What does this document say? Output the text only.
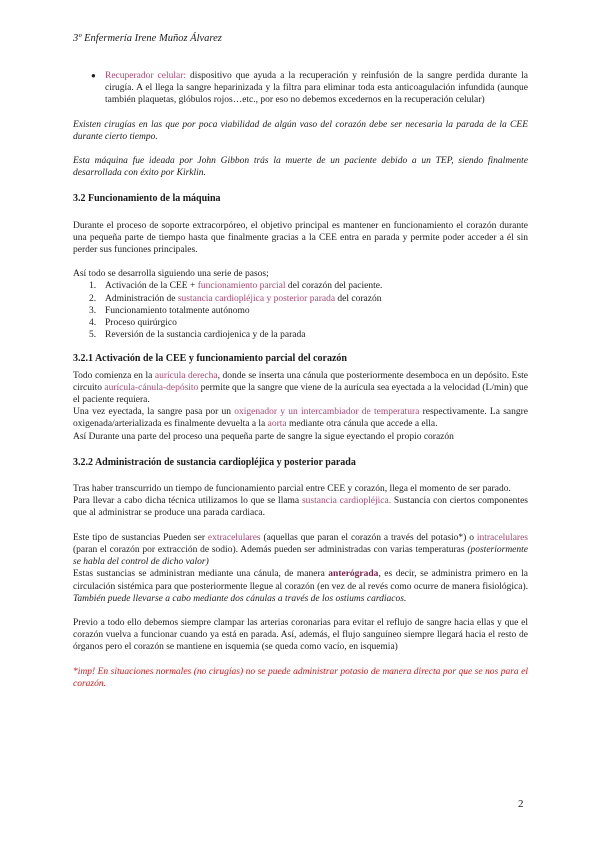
3º Enfermería Irene Muñoz Álvarez
● Recuperador celular: dispositivo que ayuda a la recuperación y reinfusión de la sangre perdida durante la cirugía. A el llega la sangre heparinizada y la filtra para eliminar toda esta anticoagulación infundida (aunque también plaquetas, glóbulos rojos…etc., por eso no debemos excedernos en la recuperación celular)

Existen cirugías en las que por poca viabilidad de algún vaso del corazón debe ser necesaria la parada de la CEE durante cierto tiempo.

Esta máquina fue ideada por John Gibbon trás la muerte de un paciente debido a un TEP, siendo finalmente desarrollada con éxito por Kirklin.

3.2 Funcionamiento de la máquina

Durante el proceso de soporte extracorpóreo, el objetivo principal es mantener en funcionamiento el corazón durante una pequeña parte de tiempo hasta que finalmente gracias a la CEE entra en parada y permite poder acceder a él sin perder sus funciones principales.

Así todo se desarrolla siguiendo una serie de pasos;

1. Activación de la CEE + funcionamiento parcial del corazón del paciente.
2. Administración de sustancia cardiopléjica y posterior parada del corazón
3. Funcionamiento totalmente autónomo
4. Proceso quirúrgico
5. Reversión de la sustancia cardiojenica y de la parada

3.2.1 Activación de la CEE y funcionamiento parcial del corazón

Todo comienza en la aurícula derecha, donde se inserta una cánula que posteriormente desemboca en un depósito. Este circuito aurícula-cánula-depósito permite que la sangre que viene de la aurícula sea eyectada a la velocidad (L/min) que el paciente requiera.

Una vez eyectada, la sangre pasa por un oxigenador y un intercambiador de temperatura respectivamente. La sangre oxigenada/arterializada es finalmente devuelta a la aorta mediante otra cánula que accede a ella.

Así Durante una parte del proceso una pequeña parte de sangre la sigue eyectando el propio corazón

3.2.2 Administración de sustancia cardiopléjica y posterior parada

Tras haber transcurrido un tiempo de funcionamiento parcial entre CEE y corazón, llega el momento de ser parado.

Para llevar a cabo dicha técnica utilizamos lo que se llama sustancia cardiopléjica. Sustancia con ciertos componentes que al administrar se produce una parada cardiaca.

Este tipo de sustancias Pueden ser extracelulares (aquellas que paran el corazón a través del potasio*) o intracelulares (paran el corazón por extracción de sodio). Además pueden ser administradas con varias temperaturas (posteriormente se habla del control de dicho valor)

Estas sustancias se administran mediante una cánula, de manera anterógrada, es decir, se administra primero en la circulación sistémica para que posteriormente llegue al corazón (en vez de al revés como ocurre de manera fisiológica). También puede llevarse a cabo mediante dos cánulas a través de los ostiums cardiacos.

Previo a todo ello debemos siempre clampar las arterias coronarias para evitar el reflujo de sangre hacia ellas y que el corazón vuelva a funcionar cuando ya está en parada. Así, además, el flujo sanguíneo siempre llegará hacia el resto de órganos pero el corazón se mantiene en isquemia (se queda como vacío, en isquemia)

*imp! En situaciones normales (no cirugías) no se puede administrar potasio de manera directa por que se nos para el corazón.

2
